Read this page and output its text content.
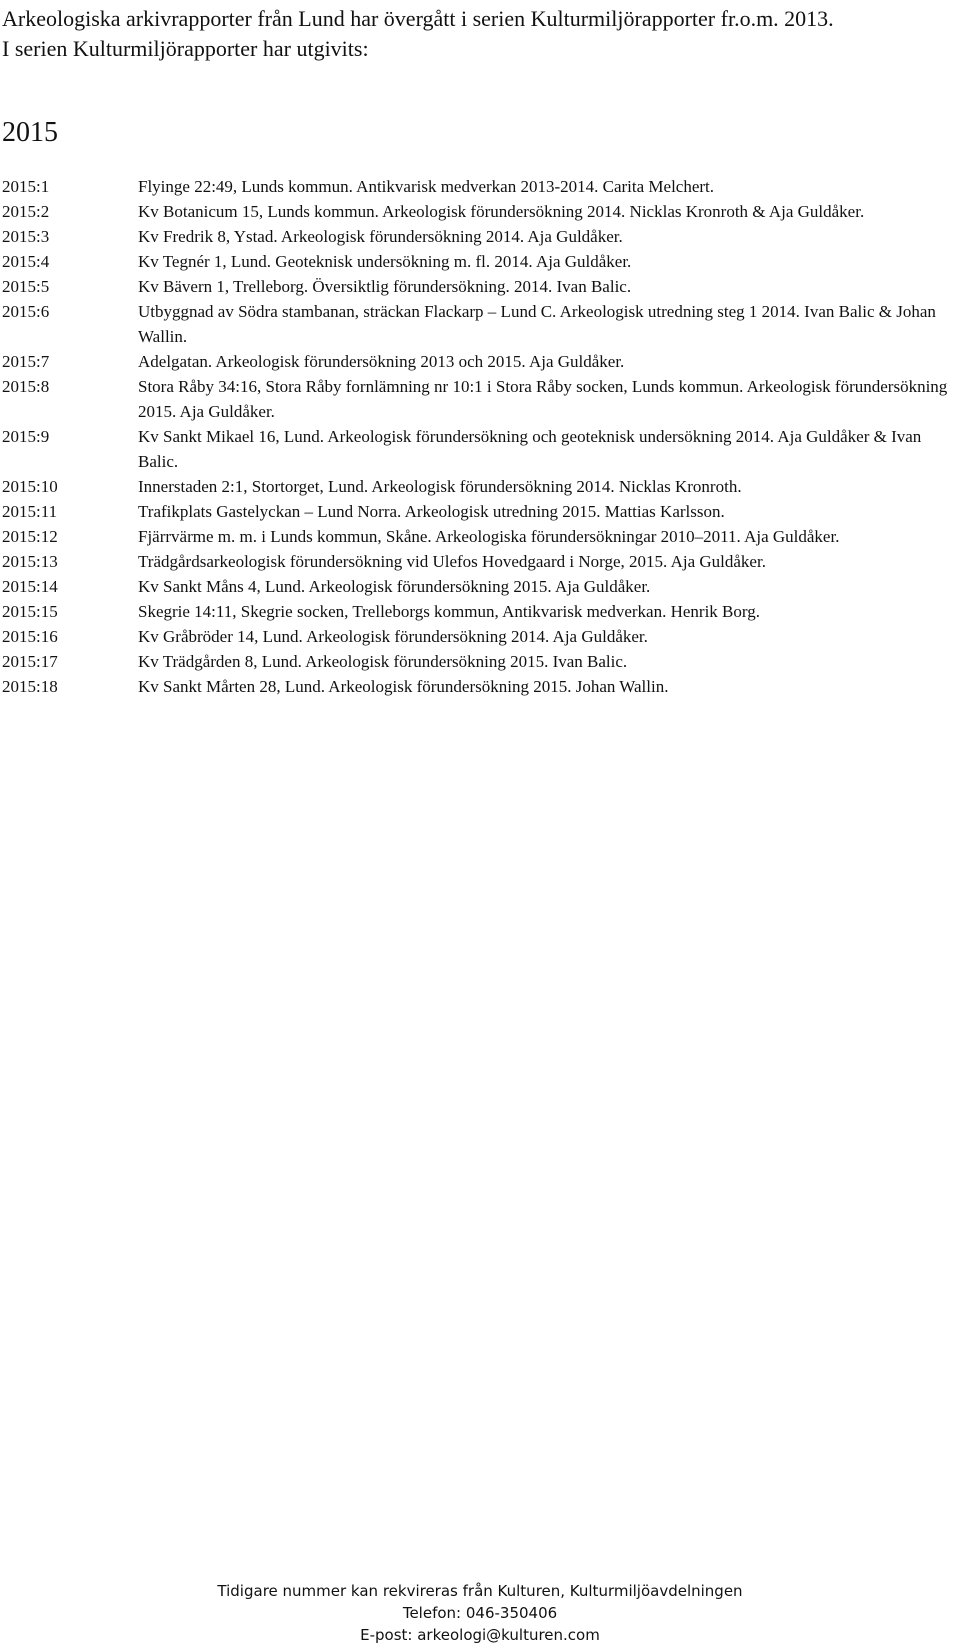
Arkeologiska arkivrapporter från Lund har övergått i serien Kulturmiljörapporter fr.o.m. 2013.

I serien Kulturmiljörapporter har utgivits:

2015
2015:1	Flyinge 22:49, Lunds kommun. Antikvarisk medverkan 2013-2014. Carita Melchert.
2015:2	Kv Botanicum 15, Lunds kommun. Arkeologisk förundersökning 2014. Nicklas Kronroth & Aja Guldåker.
2015:3	Kv Fredrik 8, Ystad. Arkeologisk förundersökning 2014. Aja Guldåker.
2015:4	Kv Tegnér 1, Lund. Geoteknisk undersökning m. fl. 2014. Aja Guldåker.
2015:5	Kv Bävern 1, Trelleborg. Översiktlig förundersökning. 2014. Ivan Balic.
2015:6	Utbyggnad av Södra stambanan, sträckan Flackarp – Lund C. Arkeologisk utredning steg 1 2014. Ivan Balic & Johan Wallin.
2015:7	Adelgatan. Arkeologisk förundersökning 2013 och 2015. Aja Guldåker.
2015:8	Stora Råby 34:16, Stora Råby fornlämning nr 10:1 i Stora Råby socken, Lunds kommun. Arkeologisk förundersökning 2015. Aja Guldåker.
2015:9	Kv Sankt Mikael 16, Lund. Arkeologisk förundersökning och geoteknisk undersökning 2014. Aja Guldåker & Ivan Balic.
2015:10	Innerstaden 2:1, Stortorget, Lund. Arkeologisk förundersökning 2014. Nicklas Kronroth.
2015:11	Trafikplats Gastelyckan – Lund Norra. Arkeologisk utredning 2015. Mattias Karlsson.
2015:12	Fjärrvärme m. m. i Lunds kommun, Skåne. Arkeologiska förundersökningar 2010–2011. Aja Guldåker.
2015:13	Trädgårdsarkeologisk förundersökning vid Ulefos Hovedgaard i Norge, 2015. Aja Guldåker.
2015:14	Kv Sankt Måns 4, Lund. Arkeologisk förundersökning 2015. Aja Guldåker.
2015:15	Skegrie 14:11, Skegrie socken, Trelleborgs kommun, Antikvarisk medverkan. Henrik Borg.
2015:16	Kv Gråbröder 14, Lund. Arkeologisk förundersökning 2014. Aja Guldåker.
2015:17	Kv Trädgården 8, Lund. Arkeologisk förundersökning 2015. Ivan Balic.
2015:18	Kv Sankt Mårten 28, Lund. Arkeologisk förundersökning 2015. Johan Wallin.

Tidigare nummer kan rekvireras från Kulturen, Kulturmiljöavdelningen

Telefon: 046-350406

E-post: arkeologi@kulturen.com
